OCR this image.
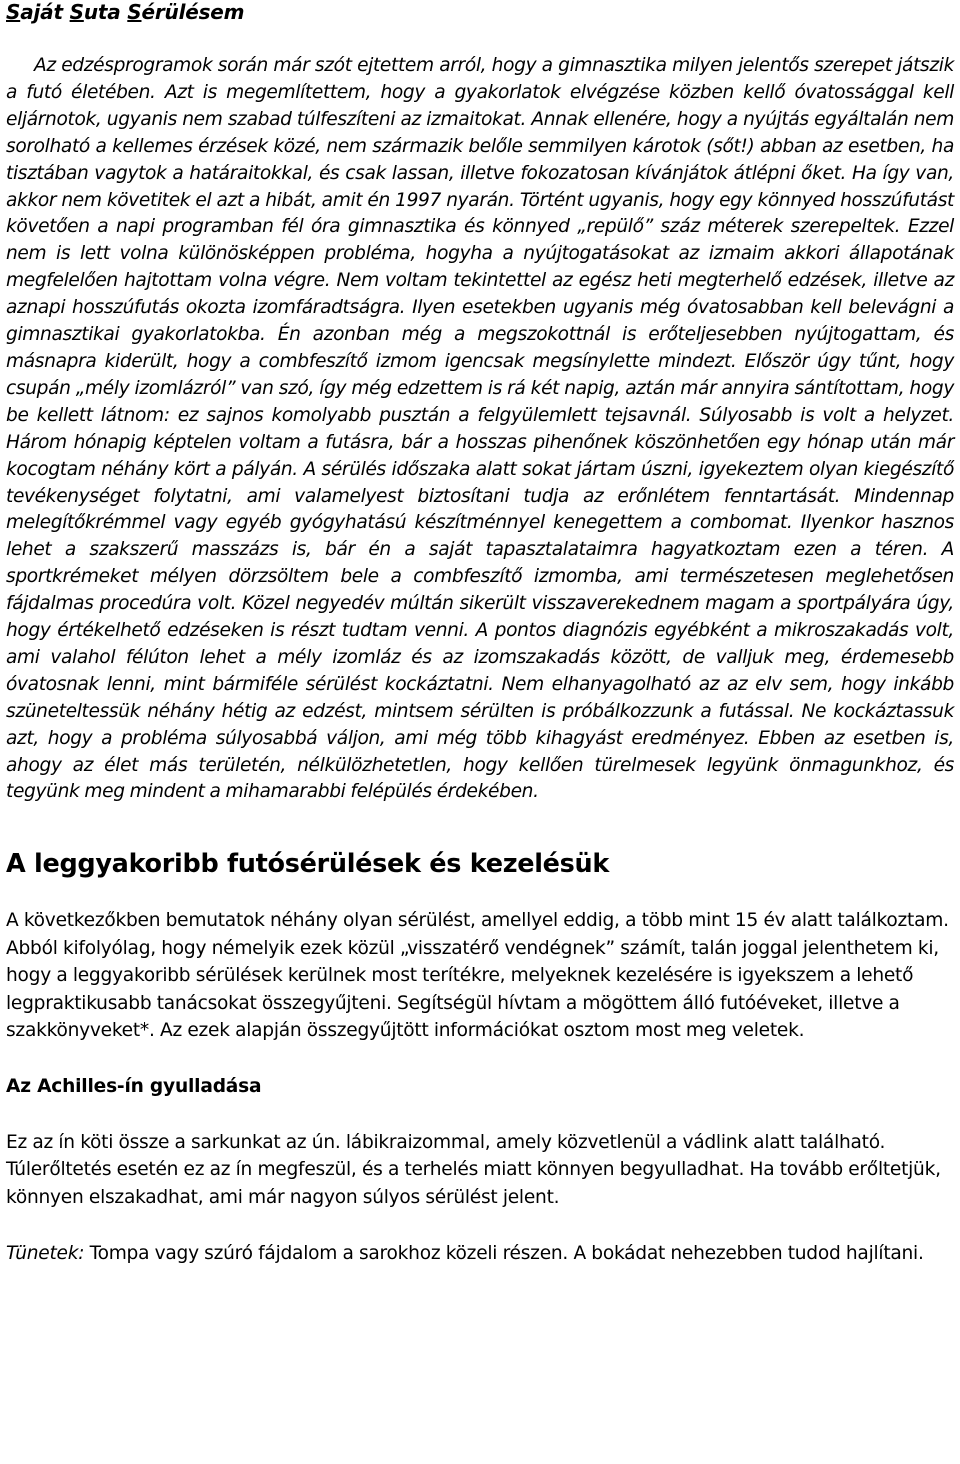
Saját Suta Sérülésem

Az edzésprogramok során már szót ejtettem arról, hogy a gimnasztika milyen jelentős szerepet játszik a futó életében. Azt is megemlítettem, hogy a gyakorlatok elvégzése közben kellő óvatossággal kell eljárnotok, ugyanis nem szabad túlfeszíteni az izmaitokat. Annak ellenére, hogy a nyújtás egyáltalán nem sorolható a kellemes érzések közé, nem származik belőle semmilyen károtok (sőt!) abban az esetben, ha tisztában vagytok a határaitokkal, és csak lassan, illetve fokozatosan kívánjátok átlépni őket. Ha így van, akkor nem követitek el azt a hibát, amit én 1997 nyarán. Történt ugyanis, hogy egy könnyed hosszúfutást követően a napi programban fél óra gimnasztika és könnyed „repülő” száz méterek szerepeltek. Ezzel nem is lett volna különösképpen probléma, hogyha a nyújtogatásokat az izmaim akkori állapotának megfelelően hajtottam volna végre. Nem voltam tekintettel az egész heti megterhelő edzések, illetve az aznapi hosszúfutás okozta izomfáradtságra. Ilyen esetekben ugyanis még óvatosabban kell belevágni a gimnasztikai gyakorlatokba. Én azonban még a megszokottnál is erőteljesebben nyújtogattam, és másnapra kiderült, hogy a combfeszítő izmom igencsak megsínylette mindezt. Először úgy tűnt, hogy csupán „mély izomlázról” van szó, így még edzettem is rá két napig, aztán már annyira sántítottam, hogy be kellett látnom: ez sajnos komolyabb pusztán a felgyülemlett tejsavnál. Súlyosabb is volt a helyzet. Három hónapig képtelen voltam a futásra, bár a hosszas pihenőnek köszönhetően egy hónap után már kocogtam néhány kört a pályán. A sérülés időszaka alatt sokat jártam úszni, igyekeztem olyan kiegészítő tevékenységet folytatni, ami valamelyest biztosítani tudja az erőnlétem fenntartását. Mindennap melegítőkrémmel vagy egyéb gyógyhatású készítménnyel kenegettem a combomat. Ilyenkor hasznos lehet a szakszerű masszázs is, bár én a saját tapasztalataimra hagyatkoztam ezen a téren. A sportkrémeket mélyen dörzsöltem bele a combfeszítő izmomba, ami természetesen meglehetősen fájdalmas procedúra volt. Közel negyedév múltán sikerült visszaverekednem magam a sportpályára úgy, hogy értékelhető edzéseken is részt tudtam venni. A pontos diagnózis egyébként a mikroszakadás volt, ami valahol félúton lehet a mély izomláz és az izomszakadás között, de valljuk meg, érdemesebb óvatosnak lenni, mint bármiféle sérülést kockáztatni. Nem elhanyagolható az az elv sem, hogy inkább szüneteltessük néhány hétig az edzést, mintsem sérülten is próbálkozzunk a futással. Ne kockáztassuk azt, hogy a probléma súlyosabbá váljon, ami még több kihagyást eredményez. Ebben az esetben is, ahogy az élet más területén, nélkülözhetetlen, hogy kellően türelmesek legyünk önmagunkhoz, és tegyünk meg mindent a mihamarabbi felépülés érdekében.

A leggyakoribb futósérülések és kezelésük

A következőkben bemutatok néhány olyan sérülést, amellyel eddig, a több mint 15 év alatt találkoztam. Abból kifolyólag, hogy némelyik ezek közül „visszatérő vendégnek” számít, talán joggal jelenthetem ki, hogy a leggyakoribb sérülések kerülnek most terítékre, melyeknek kezelésére is igyekszem a lehető legpraktikusabb tanácsokat összegyűjteni. Segítségül hívtam a mögöttem álló futóéveket, illetve a szakkönyveket*. Az ezek alapján összegyűjtött információkat osztom most meg veletek.

Az Achilles-ín gyulladása

Ez az ín köti össze a sarkunkat az ún. lábikraizommal, amely közvetlenül a vádlink alatt található. Túlerőltetés esetén ez az ín megfeszül, és a terhelés miatt könnyen begyulladhat. Ha tovább erőltetjük, könnyen elszakadhat, ami már nagyon súlyos sérülést jelent.

Tünetek: Tompa vagy szúró fájdalom a sarokhoz közeli részen. A bokádat nehezebben tudod hajlítani.
